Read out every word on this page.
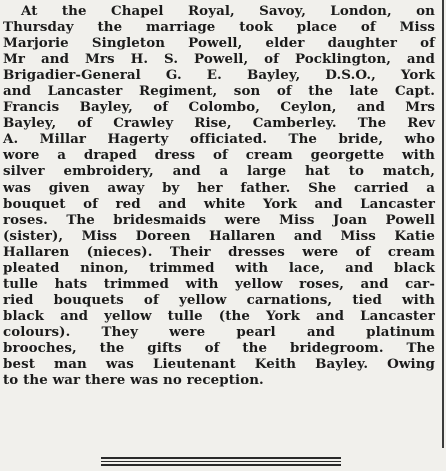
At the Chapel Royal, Savoy, London, on
Thursday the marriage took place of Miss
Marjorie Singleton Powell, elder daughter of
Mr and Mrs H. S. Powell, of Pocklington, and
Brigadier-General G. E. Bayley, D.S.O., York
and Lancaster Regiment, son of the late Capt.
Francis Bayley, of Colombo, Ceylon, and Mrs
Bayley, of Crawley Rise, Camberley. The Rev
A. Millar Hagerty officiated. The bride, who
wore a draped dress of cream georgette with
silver embroidery, and a large hat to match,
was given away by her father. She carried a
bouquet of red and white York and Lancaster
roses. The bridesmaids were Miss Joan Powell
(sister), Miss Doreen Hallaren and Miss Katie
Hallaren (nieces). Their dresses were of cream
pleated ninon, trimmed with lace, and black
tulle hats trimmed with yellow roses, and car-
ried bouquets of yellow carnations, tied with
black and yellow tulle (the York and Lancaster
colours). They were pearl and platinum
brooches, the gifts of the bridegroom. The
best man was Lieutenant Keith Bayley. Owing
to the war there was no reception.
